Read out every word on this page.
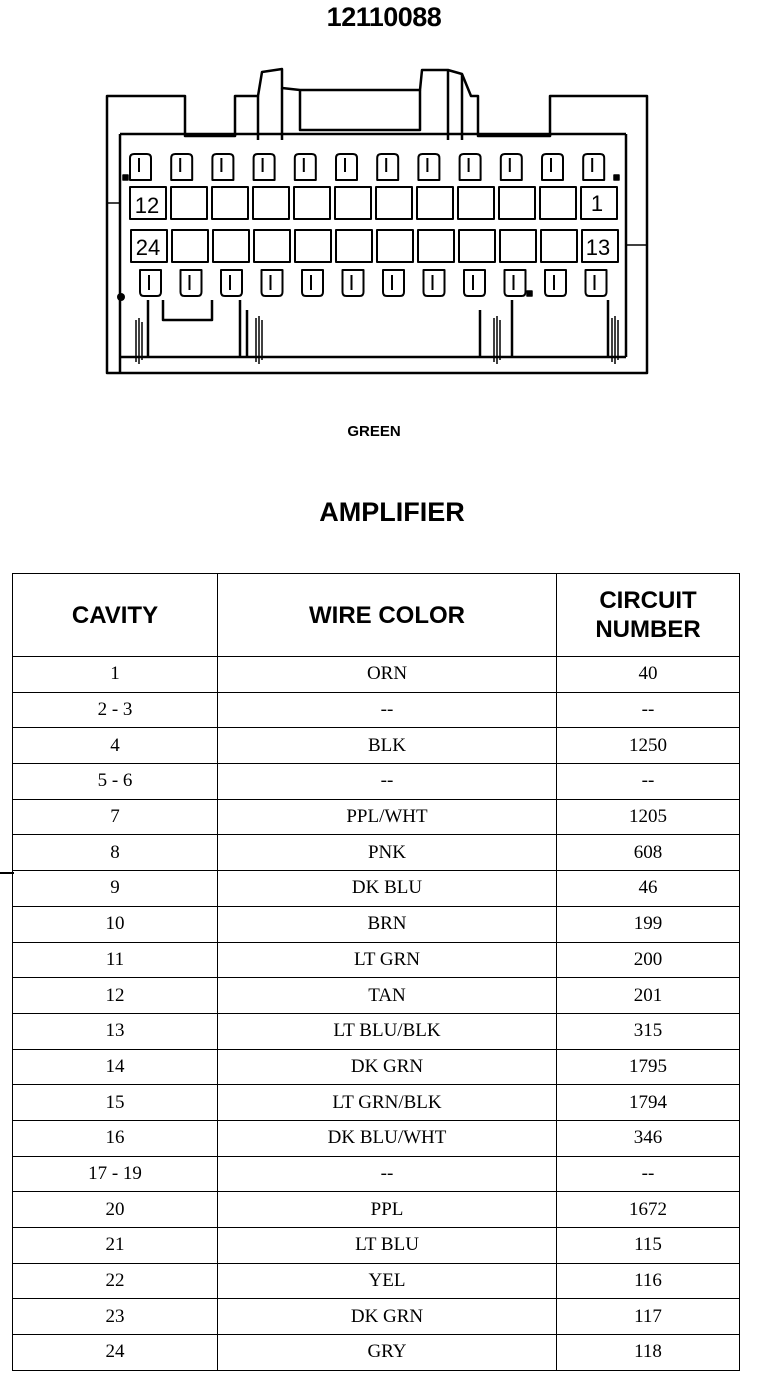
12110088
12	1
24	13
GREEN
AMPLIFIER
CAVITY	WIRE COLOR	CIRCUIT
NUMBER
1	ORN	40
2 - 3	--	--
4	BLK	1250
5 - 6	--	--
7	PPL/WHT	1205
8	PNK	608
9	DK BLU	46
10	BRN	199
11	LT GRN	200
12	TAN	201
13	LT BLU/BLK	315
14	DK GRN	1795
15	LT GRN/BLK	1794
16	DK BLU/WHT	346
17 - 19	--	--
20	PPL	1672
21	LT BLU	115
22	YEL	116
23	DK GRN	117
24	GRY	118
